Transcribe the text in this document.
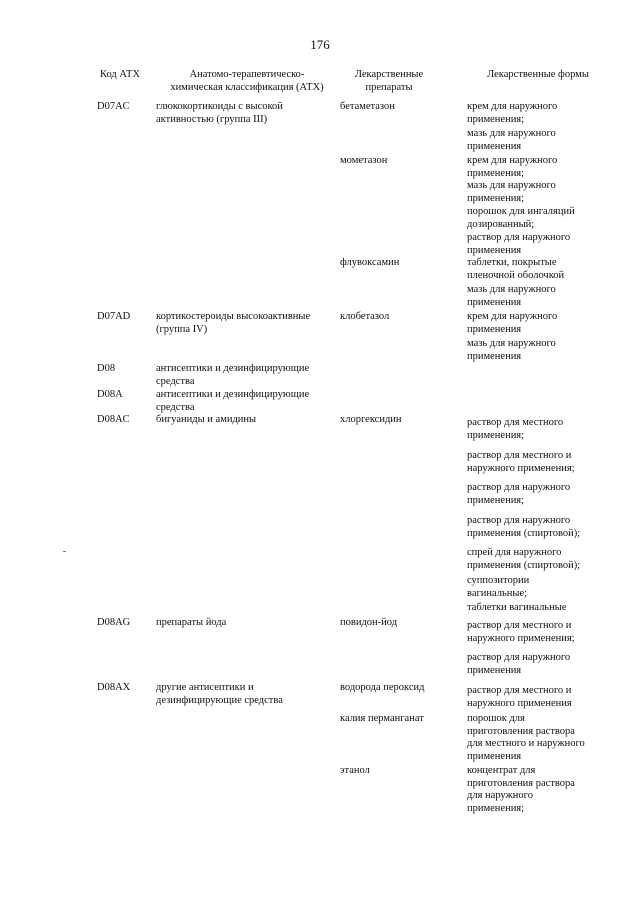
176
Код АТХ	Анатомо-терапевтическо-
химическая классификация (АТХ)
Лекарственные
препараты
Лекарственные формы
D07AC
D07AD
D08
D08A
D08AC
D08AG
D08AX
глюкокортикоиды с высокой
активностью (группа III)
кортикостероиды высокоактивные
(группа IV)
антисептики и дезинфицирующие
средства
антисептики и дезинфицирующие
средства
бигуаниды и амидины
препараты йода
другие антисептики и
дезинфицирующие средства
бетаметазон
мометазон
флувоксамин
клобетазол
хлоргексидин
повидон-йод
водорода пероксид
калия перманганат
этанол
крем для наружного
применения;
мазь для наружного
применения
крем для наружного
применения;
мазь для наружного
применения;
порошок для ингаляций
дозированный;
раствор для наружного
применения
таблетки, покрытые
пленочной оболочкой
мазь для наружного
применения
крем для наружного
применения
мазь для наружного
применения
раствор для местного
применения;
раствор для местного и
наружного применения;
раствор для наружного
применения;
раствор для наружного
применения (спиртовой);
спрей для наружного
применения (спиртовой);
суппозитории
вагинальные;
таблетки вагинальные
раствор для местного и
наружного применения;
раствор для наружного
применения
раствор для местного и
наружного применения
порошок для
приготовления раствора
для местного и наружного
применения
концентрат для
приготовления раствора
для наружного
применения;
